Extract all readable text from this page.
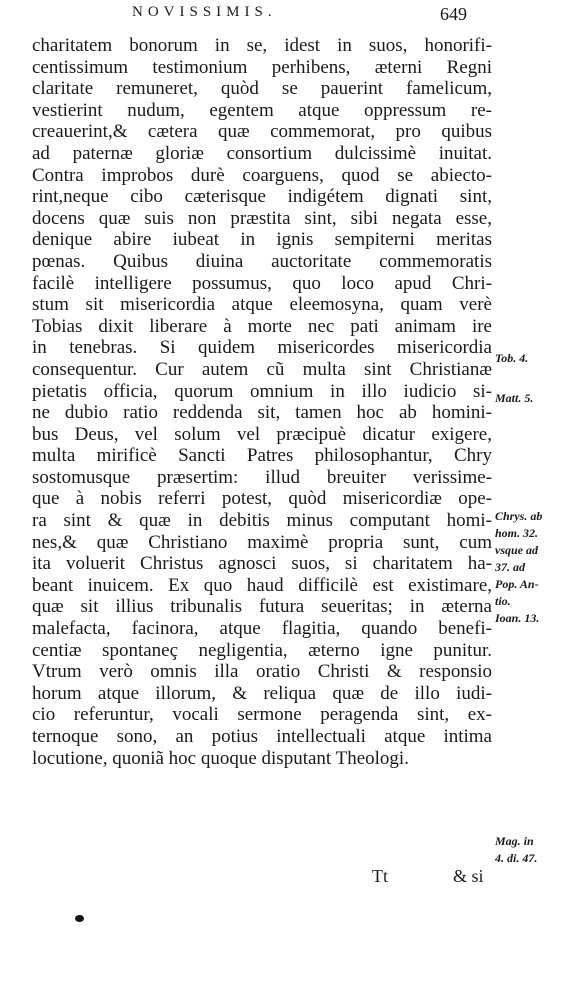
NOVISSIMIS.	649
charitatem bonorum in se, idest in suos, honorifi-
centissimum testimonium perhibens, æterni Regni
claritate remuneret, quòd se pauerint famelicum,
vestierint nudum, egentem atque oppressum re-
creauerint,& cætera quæ commemorat, pro quibus
ad paternæ gloriæ consortium dulcissimè inuitat.
Contra improbos durè coarguens, quod se abiecto-
rint,neque cibo cæterisque indigétem dignati sint,
docens quæ suis non præstita sint, sibi negata esse,
denique abire iubeat in ignis sempiterni meritas
pœnas. Quibus diuina auctoritate commemoratis
facilè intelligere possumus, quo loco apud Chri-
stum sit misericordia atque eleemosyna, quam verè
Tobias dixit liberare à morte nec pati animam ire
in tenebras. Si quidem misericordes misericordia
consequentur. Cur autem cũ multa sint Christianæ
pietatis officia, quorum omnium in illo iudicio si-
ne dubio ratio reddenda sit, tamen hoc ab homini-
bus Deus, vel solum vel præcipuè dicatur exigere,
multa mirificè Sancti Patres philosophantur, Chry
sostomusque præsertim: illud breuiter verissime-
que à nobis referri potest, quòd misericordiæ ope-
ra sint & quæ in debitis minus computant homi-
nes,& quæ Christiano maximè propria sunt, cum
ita voluerit Christus agnosci suos, si charitatem ha-
beant inuicem. Ex quo haud difficilè est existimare,
quæ sit illius tribunalis futura seueritas; in æterna
malefacta, facinora, atque flagitia, quando benefi-
centiæ spontaneç negligentia, æterno igne punitur.
Vtrum verò omnis illa oratio Christi & responsio
horum atque illorum, & reliqua quæ de illo iudi-
cio referuntur, vocali sermone peragenda sint, ex-
ternoque sono, an potius intellectuali atque intima
locutione, quoniã hoc quoque disputant Theologi.
Tob. 4.
Matt. 5.
Chrys. ab
hom. 32.
vsque ad
37. ad
Pop. An-
tio.
Ioan. 13.
Mag. in
4. di. 47.
Tt	& si
